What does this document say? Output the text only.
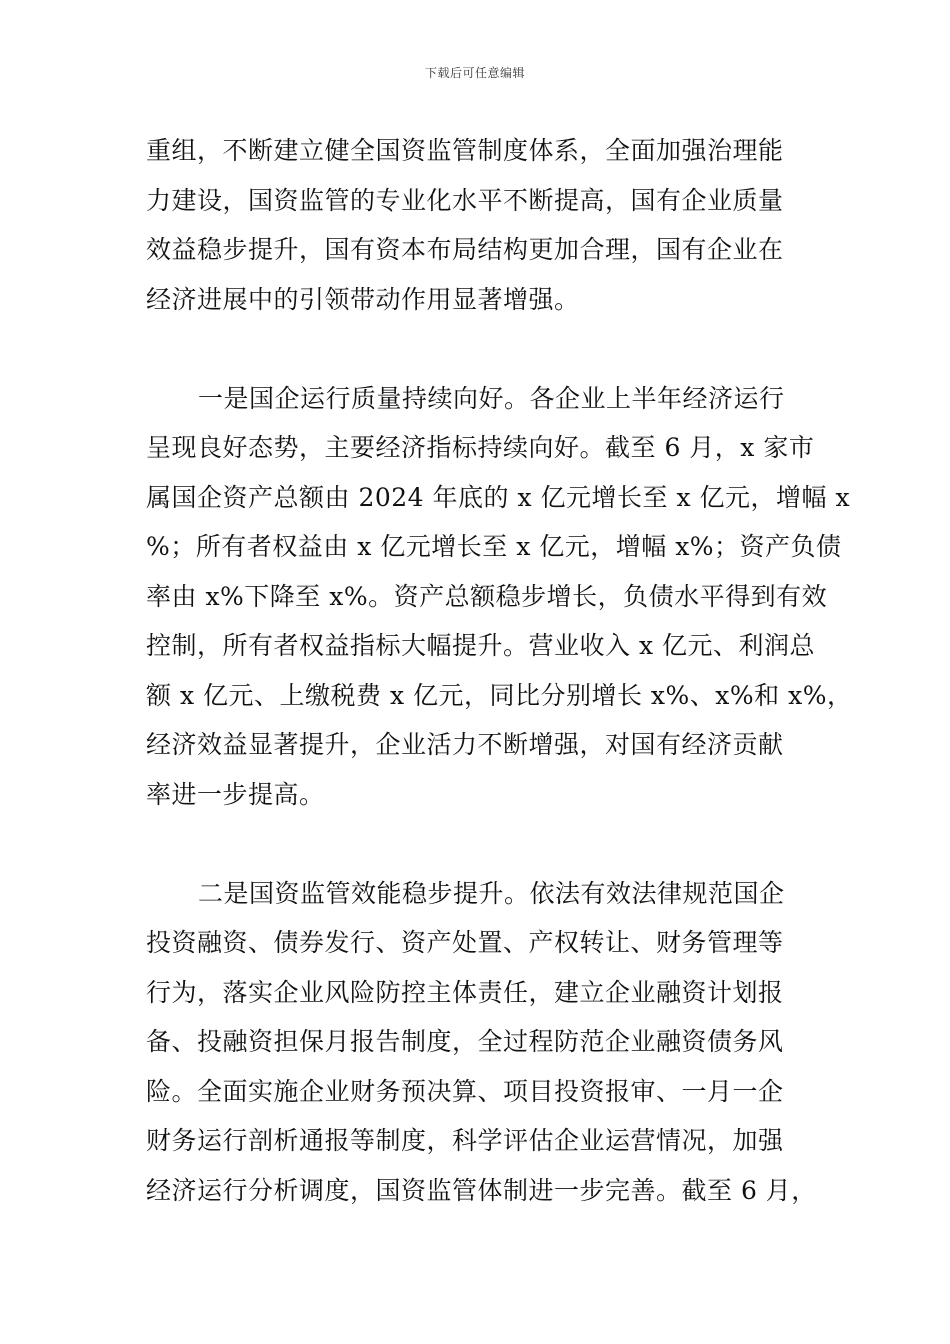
下载后可任意编辑
重组，不断建立健全国资监管制度体系，全面加强治理能
力建设，国资监管的专业化水平不断提高，国有企业质量
效益稳步提升，国有资本布局结构更加合理，国有企业在
经济进展中的引领带动作用显著增强。
一是国企运行质量持续向好。各企业上半年经济运行
呈现良好态势，主要经济指标持续向好。截至 6 月，x 家市
属国企资产总额由 2024 年底的 x 亿元增长至 x 亿元，增幅 x
%；所有者权益由 x 亿元增长至 x 亿元，增幅 x%；资产负债
率由 x%下降至 x%。资产总额稳步增长，负债水平得到有效
控制，所有者权益指标大幅提升。营业收入 x 亿元、利润总
额 x 亿元、上缴税费 x 亿元，同比分别增长 x%、x%和 x%，
经济效益显著提升，企业活力不断增强，对国有经济贡献
率进一步提高。
二是国资监管效能稳步提升。依法有效法律规范国企
投资融资、债券发行、资产处置、产权转让、财务管理等
行为，落实企业风险防控主体责任，建立企业融资计划报
备、投融资担保月报告制度，全过程防范企业融资债务风
险。全面实施企业财务预决算、项目投资报审、一月一企
财务运行剖析通报等制度，科学评估企业运营情况，加强
经济运行分析调度，国资监管体制进一步完善。截至 6 月，
